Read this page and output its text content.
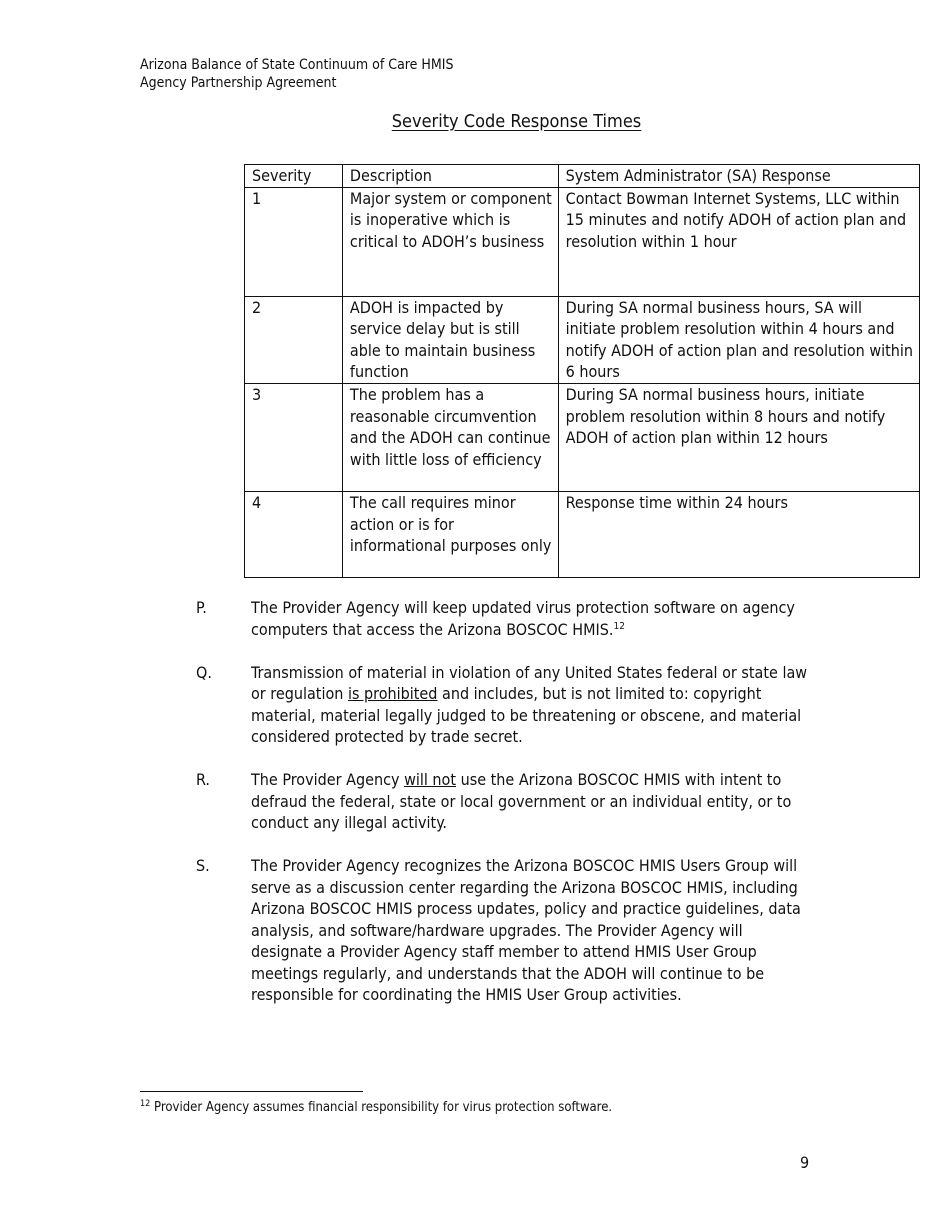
Arizona Balance of State Continuum of Care HMIS
Agency Partnership Agreement
Severity Code Response Times
Severity	Description	System Administrator (SA) Response
1	Major system or component is inoperative which is critical to ADOH’s business	Contact Bowman Internet Systems, LLC within 15 minutes and notify ADOH of action plan and resolution within 1 hour
2	ADOH is impacted by service delay but is still able to maintain business function	During SA normal business hours, SA will initiate problem resolution within 4 hours and notify ADOH of action plan and resolution within 6 hours
3	The problem has a reasonable circumvention and the ADOH can continue with little loss of efficiency	During SA normal business hours, initiate problem resolution within 8 hours and notify ADOH of action plan within 12 hours
4	The call requires minor action or is for informational purposes only	Response time within 24 hours
P.	The Provider Agency will keep updated virus protection software on agency computers that access the Arizona BOSCOC HMIS.$^{12}$
Q.	Transmission of material in violation of any United States federal or state law or regulation is prohibited and includes, but is not limited to: copyright material, material legally judged to be threatening or obscene, and material considered protected by trade secret.
R.	The Provider Agency will not use the Arizona BOSCOC HMIS with intent to defraud the federal, state or local government or an individual entity, or to conduct any illegal activity.
S.	The Provider Agency recognizes the Arizona BOSCOC HMIS Users Group will serve as a discussion center regarding the Arizona BOSCOC HMIS, including Arizona BOSCOC HMIS process updates, policy and practice guidelines, data analysis, and software/hardware upgrades. The Provider Agency will designate a Provider Agency staff member to attend HMIS User Group meetings regularly, and understands that the ADOH will continue to be responsible for coordinating the HMIS User Group activities.
$^{12}$ Provider Agency assumes financial responsibility for virus protection software.
9
